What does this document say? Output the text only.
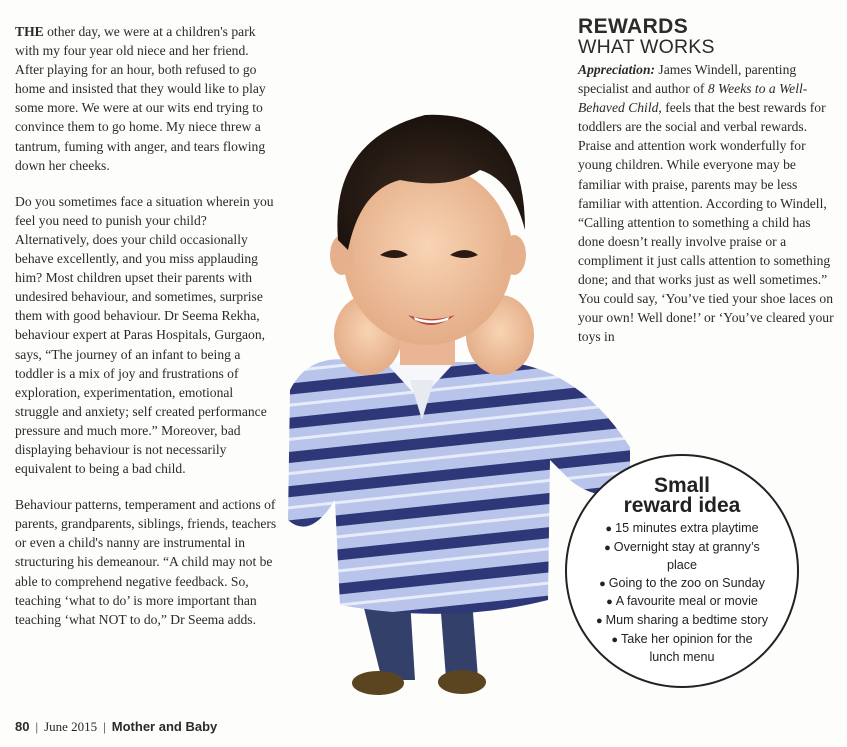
THE other day, we were at a children's park with my four year old niece and her friend. After playing for an hour, both refused to go home and insisted that they would like to play some more. We were at our wits end trying to convince them to go home. My niece threw a tantrum, fuming with anger, and tears flowing down her cheeks.

Do you sometimes face a situation wherein you feel you need to punish your child? Alternatively, does your child occasionally behave excellently, and you miss applauding him? Most children upset their parents with undesired behaviour, and sometimes, surprise them with good behaviour. Dr Seema Rekha, behaviour expert at Paras Hospitals, Gurgaon, says, “The journey of an infant to being a toddler is a mix of joy and frustrations of exploration, experimentation, emotional struggle and anxiety; self created performance pressure and much more.” Moreover, bad displaying behaviour is not necessarily equivalent to being a bad child.

Behaviour patterns, temperament and actions of parents, grandparents, siblings, friends, teachers or even a child's nanny are instrumental in structuring his demeanour. “A child may not be able to comprehend negative feedback. So, teaching ‘what to do’ is more important than teaching ‘what NOT to do,” Dr Seema adds.

REWARDS
WHAT WORKS
Appreciation: James Windell, parenting specialist and author of 8 Weeks to a Well-Behaved Child, feels that the best rewards for toddlers are the social and verbal rewards. Praise and attention work wonderfully for young children. While everyone may be familiar with praise, parents may be less familiar with attention. According to Windell, “Calling attention to something a child has done doesn’t really involve praise or a compliment it just calls attention to something done; and that works just as well sometimes.” You could say, ‘You’ve tied your shoe laces on your own! Well done!’ or ‘You’ve cleared your toys in
Small
reward idea
● 15 minutes extra playtime
● Overnight stay at granny’s place
● Going to the zoo on Sunday
● A favourite meal or movie
● Mum sharing a bedtime story
● Take her opinion for the lunch menu
80 | June 2015 | Mother and Baby
